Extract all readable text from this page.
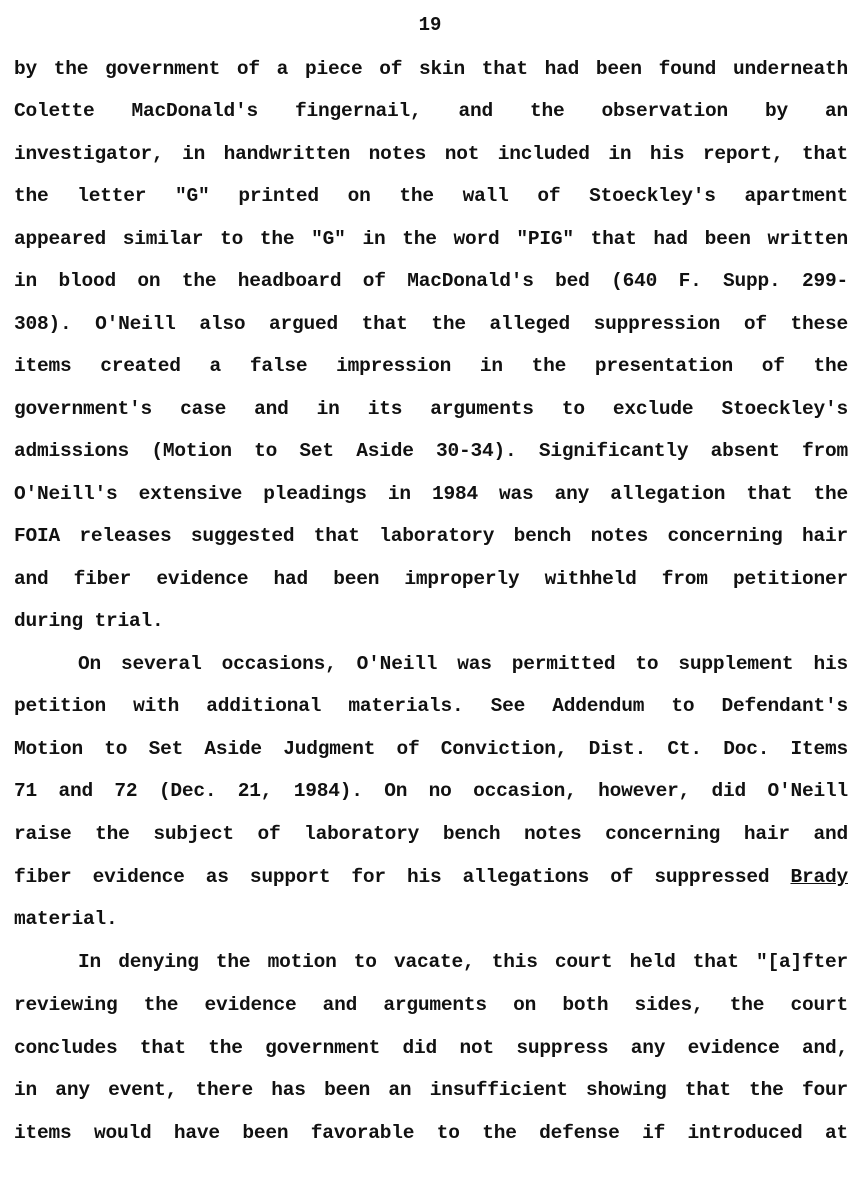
19
by the government of a piece of skin that had been found underneath
Colette MacDonald's fingernail, and the observation by an
investigator, in handwritten notes not included in his report, that
the letter "G" printed on the wall of Stoeckley's apartment
appeared similar to the "G" in the word "PIG" that had been written
in blood on the headboard of MacDonald's bed (640 F. Supp. 299-
308). O'Neill also argued that the alleged suppression of these
items created a false impression in the presentation of the
government's case and in its arguments to exclude Stoeckley's
admissions (Motion to Set Aside 30-34). Significantly absent from
O'Neill's extensive pleadings in 1984 was any allegation that the
FOIA releases suggested that laboratory bench notes concerning hair
and fiber evidence had been improperly withheld from petitioner
during trial.
On several occasions, O'Neill was permitted to supplement his
petition with additional materials. See Addendum to Defendant's
Motion to Set Aside Judgment of Conviction, Dist. Ct. Doc. Items
71 and 72 (Dec. 21, 1984). On no occasion, however, did O'Neill
raise the subject of laboratory bench notes concerning hair and
fiber evidence as support for his allegations of suppressed Brady
material.
In denying the motion to vacate, this court held that "[a]fter
reviewing the evidence and arguments on both sides, the court
concludes that the government did not suppress any evidence and,
in any event, there has been an insufficient showing that the four
items would have been favorable to the defense if introduced at
